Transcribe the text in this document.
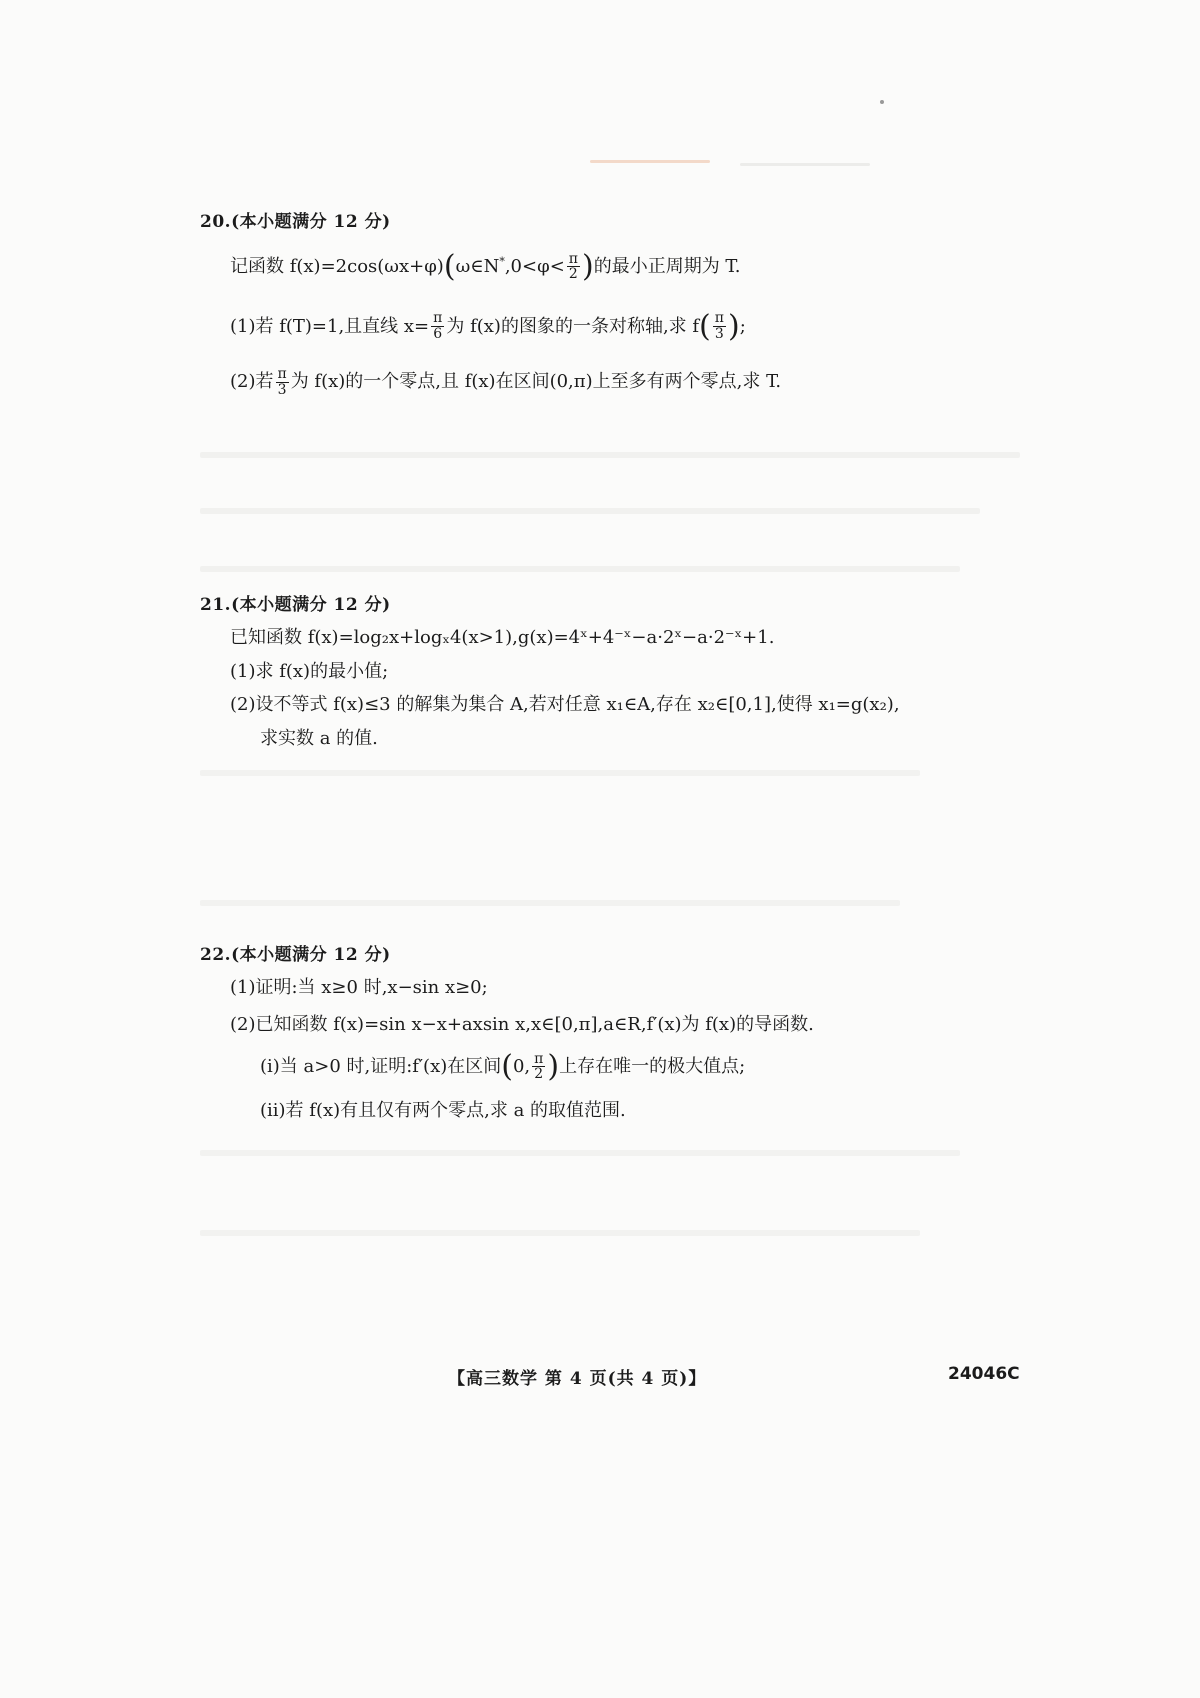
20.(本小题满分 12 分)
记函数 f(x)=2cos(ωx+φ)(ω∈N*,0<φ< $\frac{\pi}{2}$ )的最小正周期为 T.
(1)若 f(T)=1,且直线 $x= \frac{\pi}{6}$ 为 f(x)的图象的一条对称轴,求 $f( \frac{\pi}{3}$ );
(2)若 $\frac{\pi}{3}$ 为 f(x)的一个零点,且 f(x)在区间(0,π)上至多有两个零点,求 T.
21.(本小题满分 12 分)
已知函数 f(x)=log₂x+logₓ4(x>1),g(x)=4ˣ+4⁻ˣ−a·2ˣ−a·2⁻ˣ+1.
(1)求 f(x)的最小值;
(2)设不等式 f(x)≤3 的解集为集合 A,若对任意 x₁∈A,存在 x₂∈[0,1],使得 x₁=g(x₂),
求实数 a 的值.
22.(本小题满分 12 分)
(1)证明:当 x≥0 时,x−sin x≥0;
(2)已知函数 f(x)=sin x−x+axsin x,x∈[0,π],a∈R,f′(x)为 f(x)的导函数.
(ⅰ)当 a>0 时,证明:f′(x)在区间(0, $\frac{\pi}{2}$ )上存在唯一的极大值点;
(ⅱ)若 f(x)有且仅有两个零点,求 a 的取值范围.
【高三数学 第 4 页(共 4 页)】	24046C
